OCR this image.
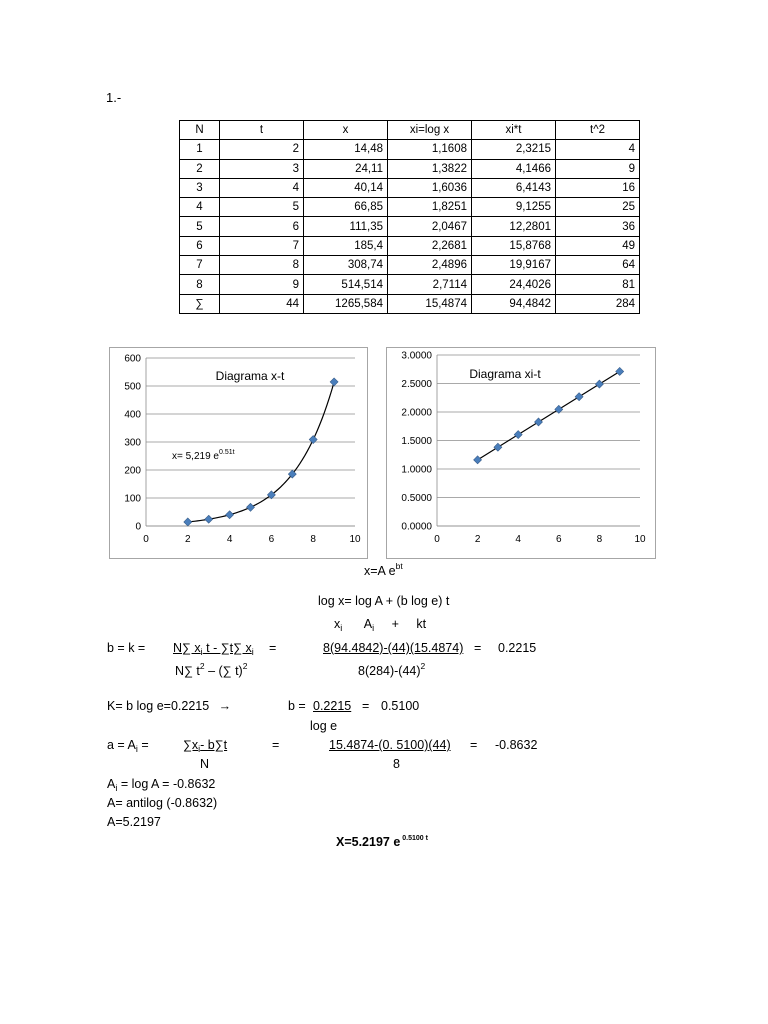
1.-
N	t	x	xi=log x	xi*t	t^2
1	2	14,48	1,1608	2,3215	4
2	3	24,11	1,3822	4,1466	9
3	4	40,14	1,6036	6,4143	16
4	5	66,85	1,8251	9,1255	25
5	6	111,35	2,0467	12,2801	36
6	7	185,4	2,2681	15,8768	49
7	8	308,74	2,4896	19,9167	64
8	9	514,514	2,7114	24,4026	81
∑	44	1265,584	15,4874	94,4842	284
0
100
200
300
400
500
600
0	2	4	6	8	10
Diagrama x-t
x= 5,219 $e^{0.51t}$
0.0000
0.5000
1.0000
1.5000
2.0000
2.5000
3.0000
0	2	4	6	8	10
Diagrama xi-t
x=A $e^{bt}$
log x= log A + (b log e) t
$x_i$ $A_i$ + kt
b = k = N∑ $x_i$ t - ∑t∑ $x_i$
N∑ $t^2$ – (∑ t)$^2$
=	8(94.4842)-(44)(15.4874)
$8(284)-(44)^2$
= 0.2215
K= b log e=0.2215 →	b = 0.2215
log e
= 0.5100
$a = A_i$ =	$\sum x_i-$ b∑t
N
=	15.4874-(0. 5100)(44)
8
= -0.8632
$A_i = \log A = -0.8632$
A= antilog (-0.8632)
A=5.2197
X=5.2197 e $^{0.5100 t}$
